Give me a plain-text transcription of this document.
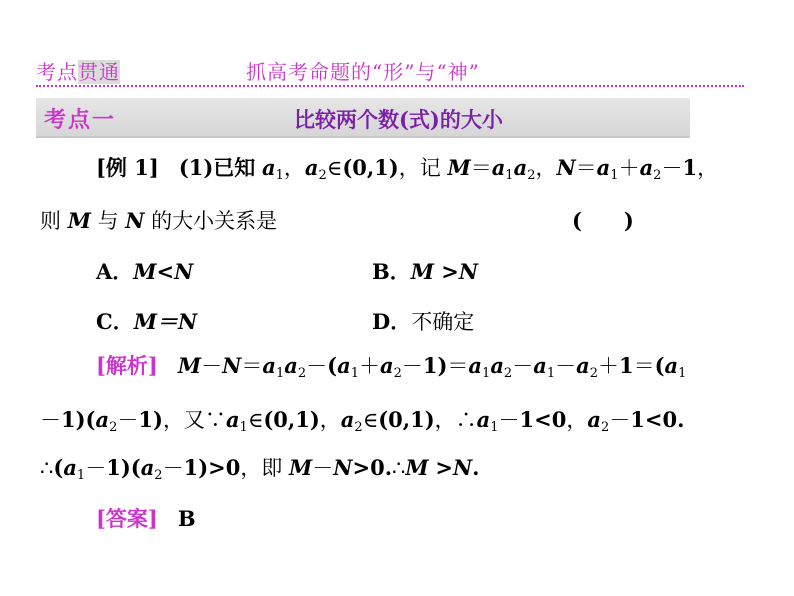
考点贯通	抓高考命题的“形”与“神”
考点一	比较两个数(式)的大小
[例 1] (1)已知 $a_1$，$a_2\in(0,1)$，记 $M=a_1a_2$，$N=a_1+a_2-1$，
则 M 与 N 的大小关系是	(　　)
A．M<N	B．M >N
C．M＝N	D．不确定
[解析] $M-N=a_1a_2-(a_1+a_2-1)=a_1a_2-a_1-a_2+1=(a_1$
$-1)(a_2-1)$，又$\because a_1\in(0,1)$，$a_2\in(0,1)$，$\therefore a_1-1<0$，$a_2-1<0$.
$\therefore(a_1-1)(a_2-1)>0$，即 M－N>0.∴M >N.
[答案] B
